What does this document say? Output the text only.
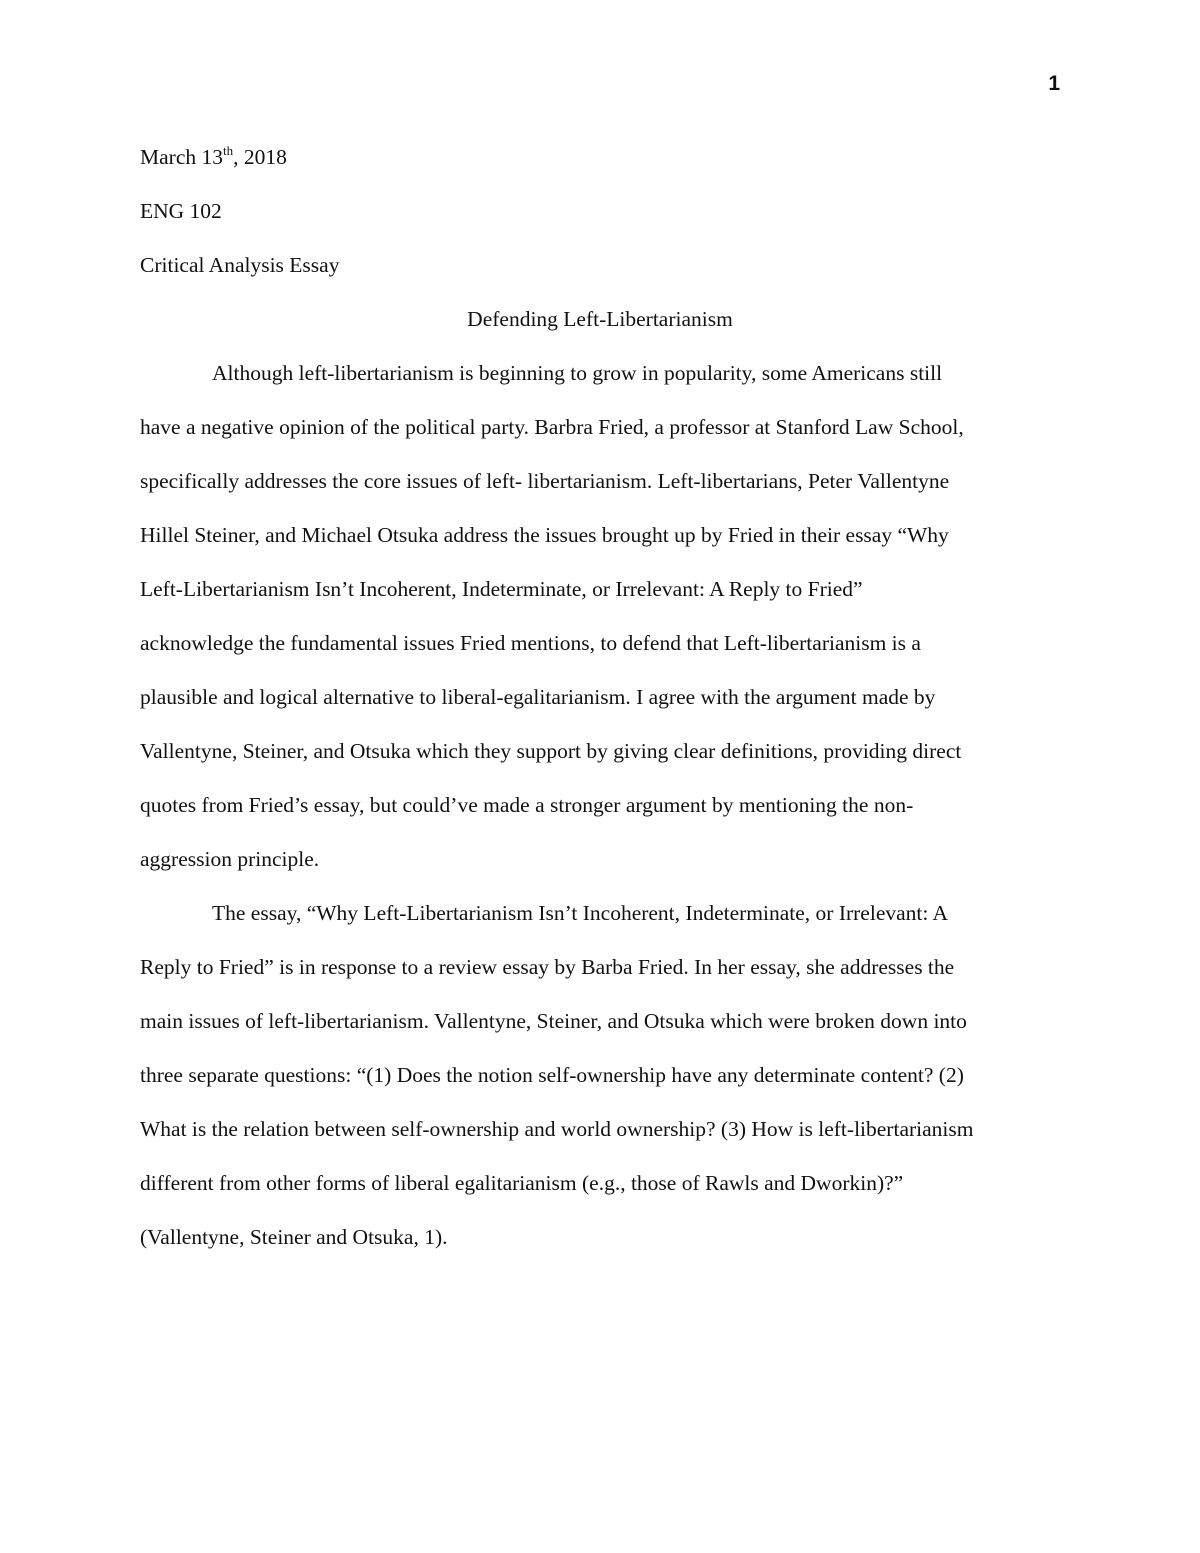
1

March 13th, 2018

ENG 102

Critical Analysis Essay

Defending Left-Libertarianism

Although left-libertarianism is beginning to grow in popularity, some Americans still

have a negative opinion of the political party. Barbra Fried, a professor at Stanford Law School,

specifically addresses the core issues of left- libertarianism. Left-libertarians, Peter Vallentyne

Hillel Steiner, and Michael Otsuka address the issues brought up by Fried in their essay “Why

Left-Libertarianism Isn’t Incoherent, Indeterminate, or Irrelevant: A Reply to Fried”

acknowledge the fundamental issues Fried mentions, to defend that Left-libertarianism is a

plausible and logical alternative to liberal-egalitarianism. I agree with the argument made by

Vallentyne, Steiner, and Otsuka which they support by giving clear definitions, providing direct

quotes from Fried’s essay, but could’ve made a stronger argument by mentioning the non-

aggression principle.

The essay, “Why Left-Libertarianism Isn’t Incoherent, Indeterminate, or Irrelevant: A

Reply to Fried” is in response to a review essay by Barba Fried. In her essay, she addresses the

main issues of left-libertarianism. Vallentyne, Steiner, and Otsuka which were broken down into

three separate questions: “(1) Does the notion self-ownership have any determinate content? (2)

What is the relation between self-ownership and world ownership? (3) How is left-libertarianism

different from other forms of liberal egalitarianism (e.g., those of Rawls and Dworkin)?”

(Vallentyne, Steiner and Otsuka, 1).
